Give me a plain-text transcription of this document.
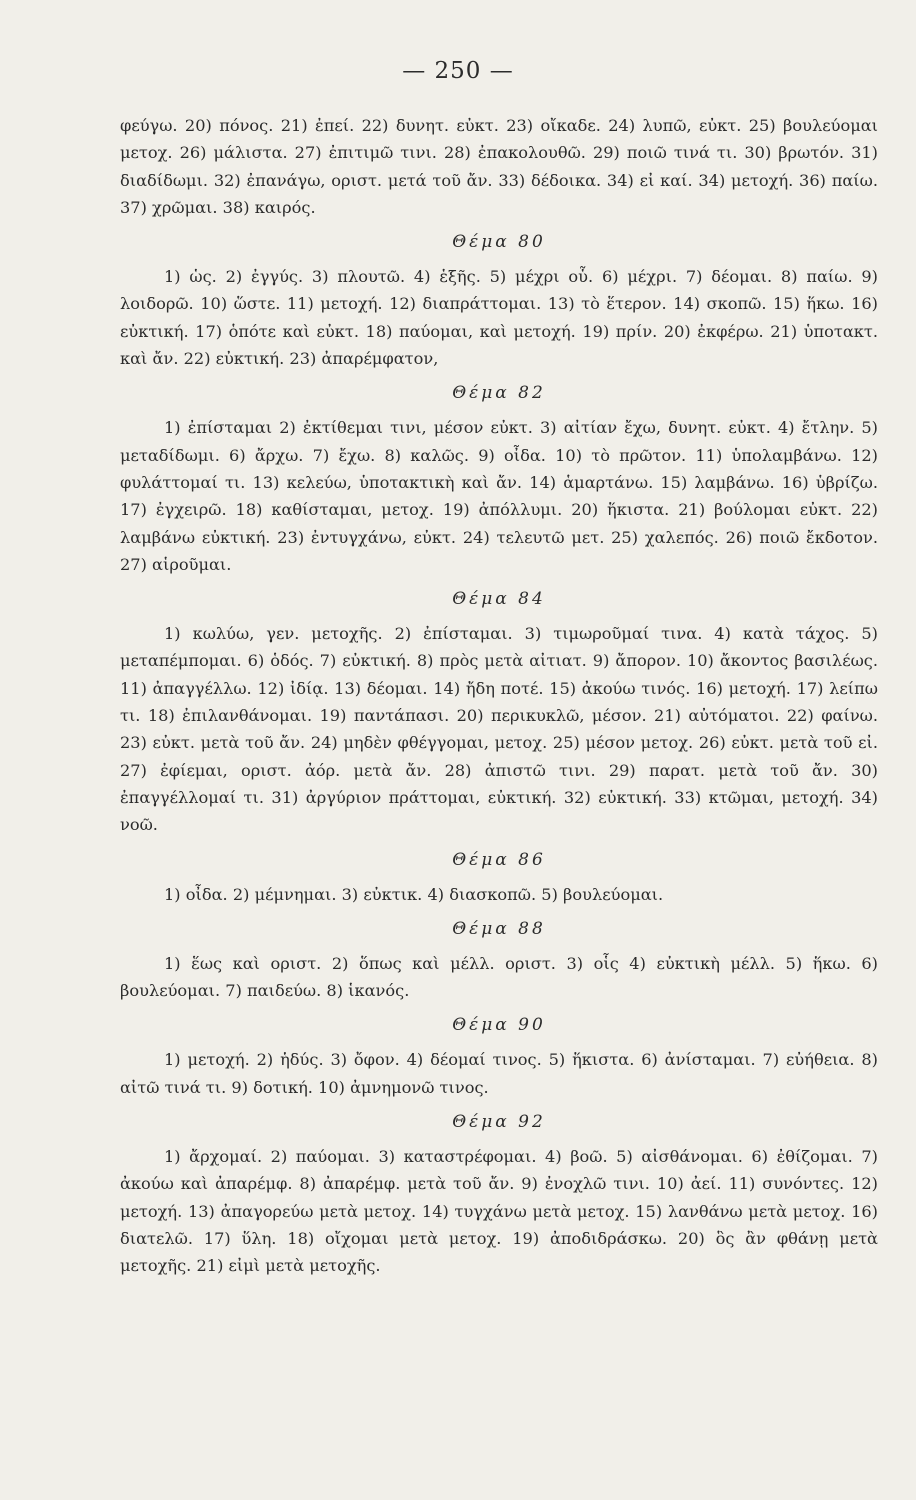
— 250 —

φεύγω. 20) πόνος. 21) ἐπεί. 22) δυνητ. εὐκτ. 23) οἴκαδε. 24) λυπῶ, εὐκτ. 25) βουλεύομαι μετοχ. 26) μάλιστα. 27) ἐπιτιμῶ τινι. 28) ἐπακολουθῶ. 29) ποιῶ τινά τι. 30) βρωτόν. 31) διαδίδωμι. 32) ἐπανάγω, οριστ. μετά τοῦ ἄν. 33) δέδοικα. 34) εἰ καί. 34) μετοχή. 36) παίω. 37) χρῶμαι. 38) καιρός.

Θέμα 80

1) ὡς. 2) ἐγγύς. 3) πλουτῶ. 4) ἑξῆς. 5) μέχρι οὗ. 6) μέχρι. 7) δέομαι. 8) παίω. 9) λοιδορῶ. 10) ὥστε. 11) μετοχή. 12) διαπράττομαι. 13) τὸ ἕτερον. 14) σκοπῶ. 15) ἥκω. 16) εὐκτική. 17) ὁπότε καὶ εὐκτ. 18) παύομαι, καὶ μετοχή. 19) πρίν. 20) ἐκφέρω. 21) ὑποτακτ. καὶ ἄν. 22) εὐκτική. 23) ἀπαρέμφατον,

Θέμα 82

1) ἐπίσταμαι 2) ἐκτίθεμαι τινι, μέσον εὐκτ. 3) αἰτίαν ἔχω, δυνητ. εὐκτ. 4) ἔτλην. 5) μεταδίδωμι. 6) ἄρχω. 7) ἔχω. 8) καλῶς. 9) οἶδα. 10) τὸ πρῶτον. 11) ὑπολαμβάνω. 12) φυλάττομαί τι. 13) κελεύω, ὑποτακτικὴ καὶ ἄν. 14) ἁμαρτάνω. 15) λαμβάνω. 16) ὑβρίζω. 17) ἐγχειρῶ. 18) καθίσταμαι, μετοχ. 19) ἀπόλλυμι. 20) ἥκιστα. 21) βούλομαι εὐκτ. 22) λαμβάνω εὐκτική. 23) ἐντυγχάνω, εὐκτ. 24) τελευτῶ μετ. 25) χαλεπός. 26) ποιῶ ἔκδοτον. 27) αἱροῦμαι.

Θέμα 84

1) κωλύω, γεν. μετοχῆς. 2) ἐπίσταμαι. 3) τιμωροῦμαί τινα. 4) κατὰ τάχος. 5) μεταπέμπομαι. 6) ὁδός. 7) εὐκτική. 8) πρὸς μετὰ αἰτιατ. 9) ἄπορον. 10) ἄκοντος βασιλέως. 11) ἀπαγγέλλω. 12) ἰδίᾳ. 13) δέομαι. 14) ἤδη ποτέ. 15) ἀκούω τινός. 16) μετοχή. 17) λείπω τι. 18) ἐπιλανθάνομαι. 19) παντάπασι. 20) περικυκλῶ, μέσον. 21) αὐτόματοι. 22) φαίνω. 23) εὐκτ. μετὰ τοῦ ἄν. 24) μηδὲν φθέγγομαι, μετοχ. 25) μέσον μετοχ. 26) εὐκτ. μετὰ τοῦ εἰ. 27) ἐφίεμαι, οριστ. ἀόρ. μετὰ ἄν. 28) ἀπιστῶ τινι. 29) παρατ. μετὰ τοῦ ἄν. 30) ἐπαγγέλλομαί τι. 31) ἀργύριον πράττομαι, εὐκτική. 32) εὐκτική. 33) κτῶμαι, μετοχή. 34) νοῶ.

Θέμα 86

1) οἶδα. 2) μέμνημαι. 3) εὐκτικ. 4) διασκοπῶ. 5) βουλεύομαι.

Θέμα 88

1) ἕως καὶ οριστ. 2) ὅπως καὶ μέλλ. οριστ. 3) οἷς 4) εὐκτικὴ μέλλ. 5) ἥκω. 6) βουλεύομαι. 7) παιδεύω. 8) ἱκανός.

Θέμα 90

1) μετοχή. 2) ἡδύς. 3) ὄφον. 4) δέομαί τινος. 5) ἥκιστα. 6) ἀνίσταμαι. 7) εὐήθεια. 8) αἰτῶ τινά τι. 9) δοτική. 10) ἀμνημονῶ τινος.

Θέμα 92

1) ἄρχομαί. 2) παύομαι. 3) καταστρέφομαι. 4) βοῶ. 5) αἰσθάνομαι. 6) ἐθίζομαι. 7) ἀκούω καὶ ἀπαρέμφ. 8) ἀπαρέμφ. μετὰ τοῦ ἄν. 9) ἐνοχλῶ τινι. 10) ἀεί. 11) συνόντες. 12) μετοχή. 13) ἀπαγορεύω μετὰ μετοχ. 14) τυγχάνω μετὰ μετοχ. 15) λανθάνω μετὰ μετοχ. 16) διατελῶ. 17) ὕλη. 18) οἴχομαι μετὰ μετοχ. 19) ἀποδιδράσκω. 20) ὃς ἂν φθάνῃ μετὰ μετοχῆς. 21) εἰμὶ μετὰ μετοχῆς.
